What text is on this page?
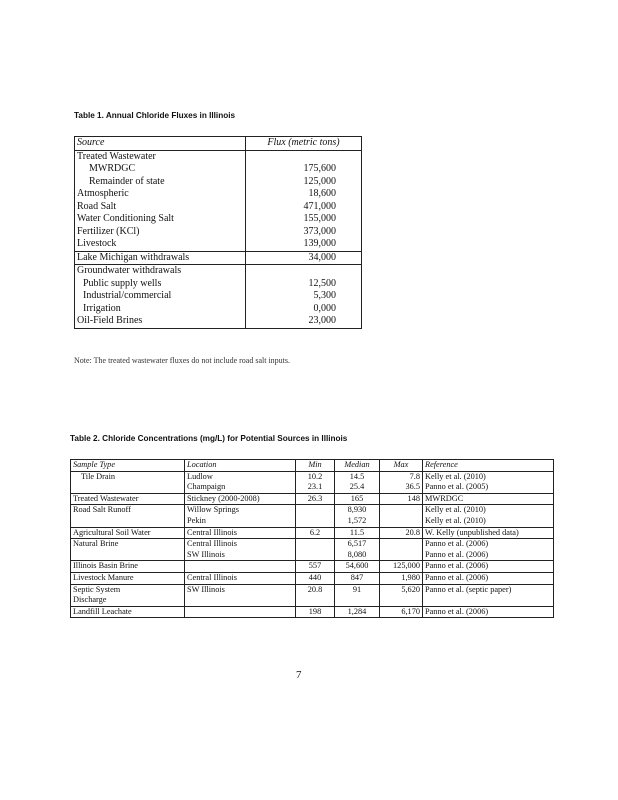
Table 1. Annual Chloride Fluxes in Illinois
Source	Flux (metric tons)
Treated Wastewater	
MWRDGC	175,600
Remainder of state	125,000
Atmospheric	18,600
Road Salt	471,000
Water Conditioning Salt	155,000
Fertilizer (KCl)	373,000
Livestock	139,000
Lake Michigan withdrawals	34,000
Groundwater withdrawals	
Public supply wells	12,500
Industrial/commercial	5,300
Irrigation	0,000
Oil-Field Brines	23,000
Note: The treated wastewater fluxes do not include road salt inputs.
Table 2. Chloride Concentrations (mg/L) for Potential Sources in Illinois
Sample Type	Location	Min	Median	Max	Reference
Tile Drain	Ludlow	10.2	14.5	7.8	Kelly et al. (2010)
	Champaign	23.1	25.4	36.5	Panno et al. (2005)
Treated Wastewater	Stickney (2000-2008)	26.3	165	148	MWRDGC
Road Salt Runoff	Willow Springs		8,930		Kelly et al. (2010)
	Pekin		1,572		Kelly et al. (2010)
Agricultural Soil Water	Central Illinois	6.2	11.5	20.8	W. Kelly (unpublished data)
Natural Brine	Central Illinois		6,517		Panno et al. (2006)
	SW Illinois		8,080		Panno et al. (2006)
Illinois Basin Brine		557	54,600	125,000	Panno et al. (2006)
Livestock Manure	Central Illinois	440	847	1,980	Panno et al. (2006)
Septic System	SW Illinois	20.8	91	5,620	Panno et al. (septic paper)
Discharge					
Landfill Leachate		198	1,284	6,170	Panno et al. (2006)
7
